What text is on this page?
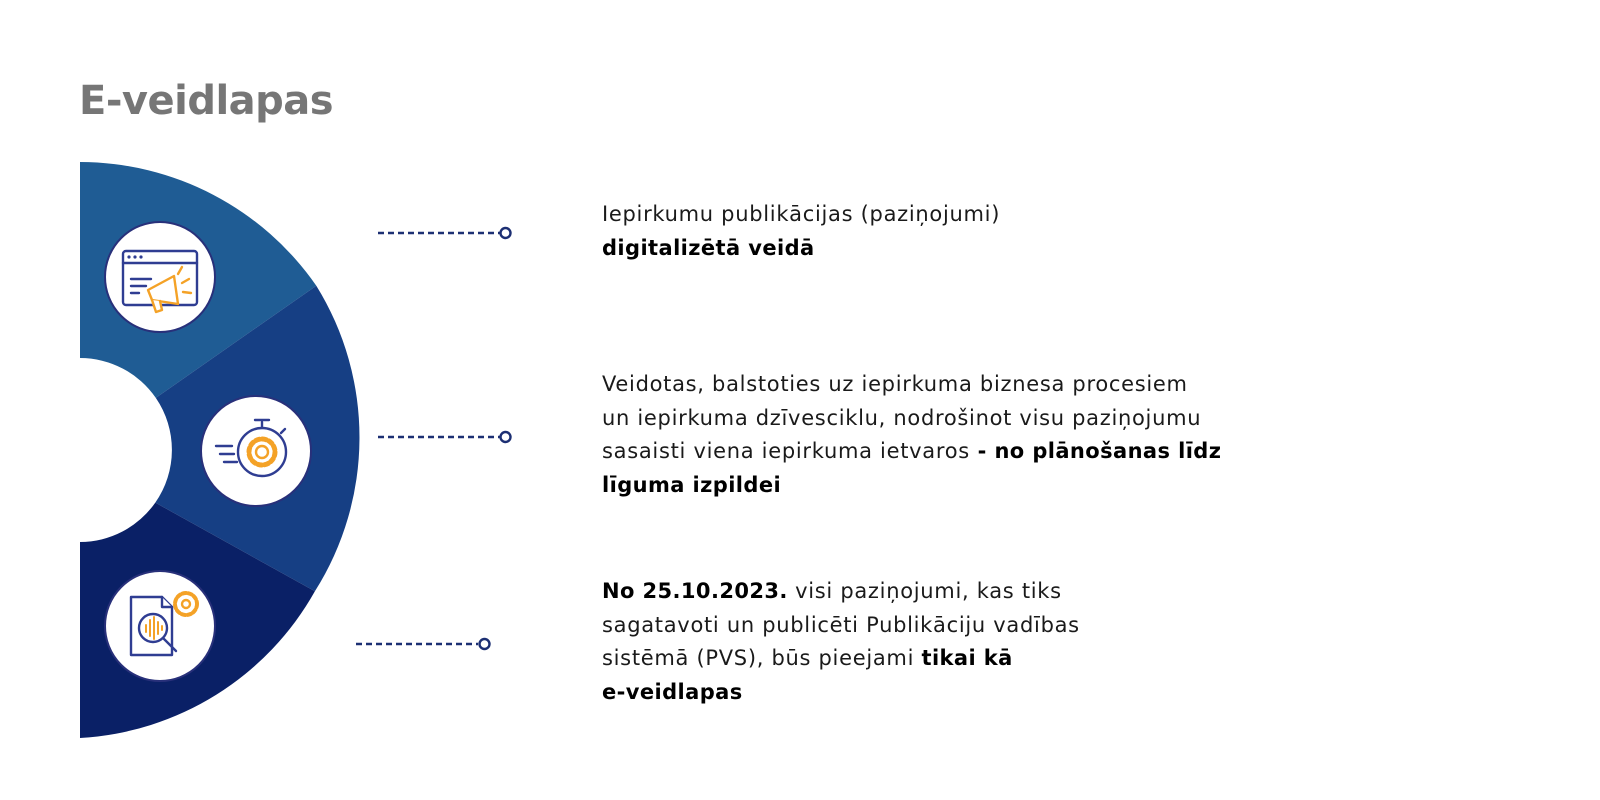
E-veidlapas

Iepirkumu publikācijas (paziņojumi)
digitalizētā veidā

Veidotas, balstoties uz iepirkuma biznesa procesiem
un iepirkuma dzīvesciklu, nodrošinot visu paziņojumu
sasaisti viena iepirkuma ietvaros - no plānošanas līdz
līguma izpildei

No 25.10.2023. visi paziņojumi, kas tiks
sagatavoti un publicēti Publikāciju vadības
sistēmā (PVS), būs pieejami tikai kā
e-veidlapas
